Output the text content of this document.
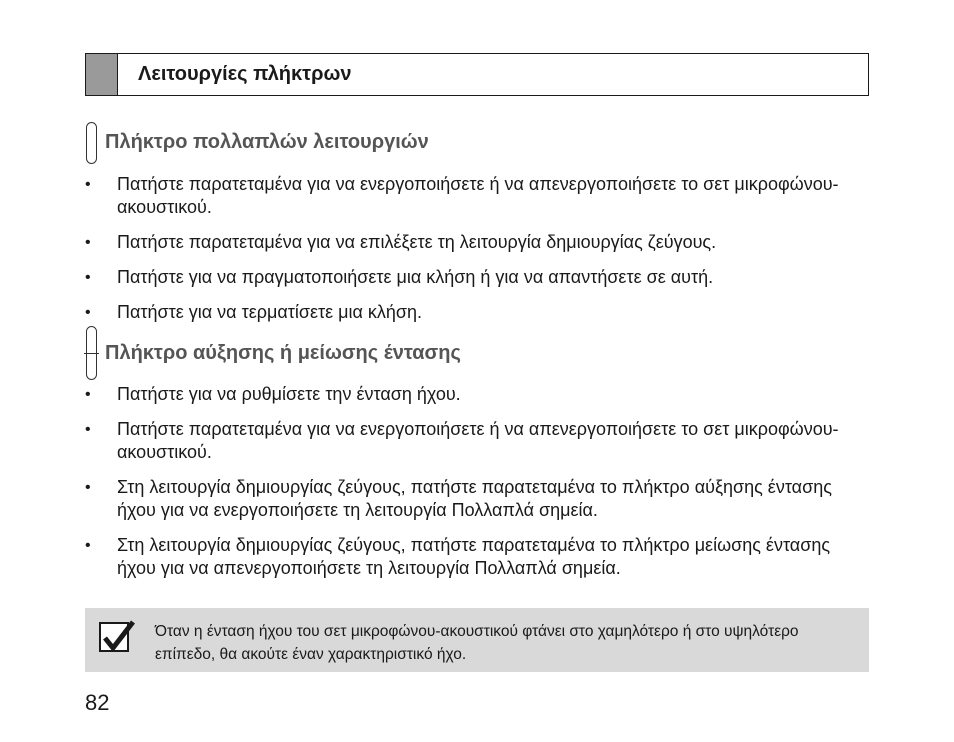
Λειτουργίες πλήκτρων
Πλήκτρο πολλαπλών λειτουργιών
• Πατήστε παρατεταμένα για να ενεργοποιήσετε ή να απενεργοποιήσετε το σετ μικροφώνου-ακουστικού.
• Πατήστε παρατεταμένα για να επιλέξετε τη λειτουργία δημιουργίας ζεύγους.
• Πατήστε για να πραγματοποιήσετε μια κλήση ή για να απαντήσετε σε αυτή.
• Πατήστε για να τερματίσετε μια κλήση.
Πλήκτρο αύξησης ή μείωσης έντασης
• Πατήστε για να ρυθμίσετε την ένταση ήχου.
• Πατήστε παρατεταμένα για να ενεργοποιήσετε ή να απενεργοποιήσετε το σετ μικροφώνου-ακουστικού.
• Στη λειτουργία δημιουργίας ζεύγους, πατήστε παρατεταμένα το πλήκτρο αύξησης έντασης ήχου για να ενεργοποιήσετε τη λειτουργία Πολλαπλά σημεία.
• Στη λειτουργία δημιουργίας ζεύγους, πατήστε παρατεταμένα το πλήκτρο μείωσης έντασης ήχου για να απενεργοποιήσετε τη λειτουργία Πολλαπλά σημεία.
Όταν η ένταση ήχου του σετ μικροφώνου-ακουστικού φτάνει στο χαμηλότερο ή στο υψηλότερο επίπεδο, θα ακούτε έναν χαρακτηριστικό ήχο.
82
